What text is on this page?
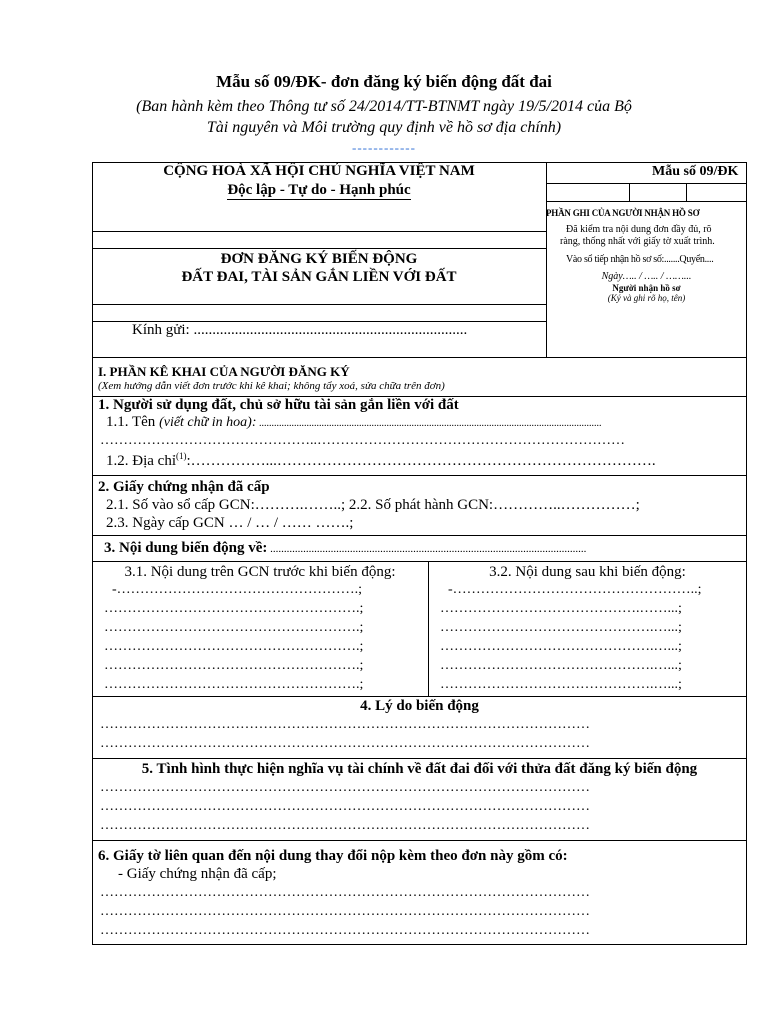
Mẫu số 09/ĐK- đơn đăng ký biến động đất đai
(Ban hành kèm theo Thông tư số 24/2014/TT-BTNMT ngày 19/5/2014 của Bộ
Tài nguyên và Môi trường quy định về hồ sơ địa chính)
------------
CỘNG HOÀ XÃ HỘI CHỦ NGHĨA VIỆT NAM
Độc lập - Tự do - Hạnh phúc
ĐƠN ĐĂNG KÝ BIẾN ĐỘNG
ĐẤT ĐAI, TÀI SẢN GẮN LIỀN VỚI ĐẤT
Kính gửi: .........................................................................
Mẫu số 09/ĐK
PHẦN GHI CỦA NGƯỜI NHẬN HỒ SƠ
Đã kiểm tra nội dung đơn đầy đủ, rõ
ràng, thống nhất với giấy tờ xuất trình.
Vào sổ tiếp nhận hồ sơ số:.......Quyển....
Ngày….. / ….. / ……...
Người nhận hồ sơ
(Ký và ghi rõ họ, tên)
I. PHẦN KÊ KHAI CỦA NGƯỜI ĐĂNG KÝ
(Xem hướng dẫn viết đơn trước khi kê khai; không tẩy xoá, sửa chữa trên đơn)
1. Người sử dụng đất, chủ sở hữu tài sản gắn liền với đất
1.1. Tên (viết chữ in hoa): .........................................................................................................................................
………………………………………..…………………………………………………………
1.2. Địa chỉ$^{(1)}$:……………...………………………………………………………………….
2. Giấy chứng nhận đã cấp
2.1. Số vào sổ cấp GCN:……….……..; 2.2. Số phát hành GCN:…………..……………;
2.3. Ngày cấp GCN … / … / …… …….;
3. Nội dung biến động về: ...................................................................................................................
3.1. Nội dung trên GCN trước khi biến động:	3.2. Nội dung sau khi biến động:
-…………………………………………….;
……………………………………………….;
……………………………………………….;
……………………………………………….;
……………………………………………….;
……………………………………………….;
-……………………………………………..;
…………………………………….……...;
……………………………………….…...;
……………………………………….…...;
……………………………………….…...;
……………………………………….…...;
4. Lý do biến động
……………………………………………………………………………………………
……………………………………………………………………………………………
5. Tình hình thực hiện nghĩa vụ tài chính về đất đai đối với thửa đất đăng ký biến động
……………………………………………………………………………………………
……………………………………………………………………………………………
……………………………………………………………………………………………
6. Giấy tờ liên quan đến nội dung thay đổi nộp kèm theo đơn này gồm có:
- Giấy chứng nhận đã cấp;
……………………………………………………………………………………………
……………………………………………………………………………………………
……………………………………………………………………………………………
